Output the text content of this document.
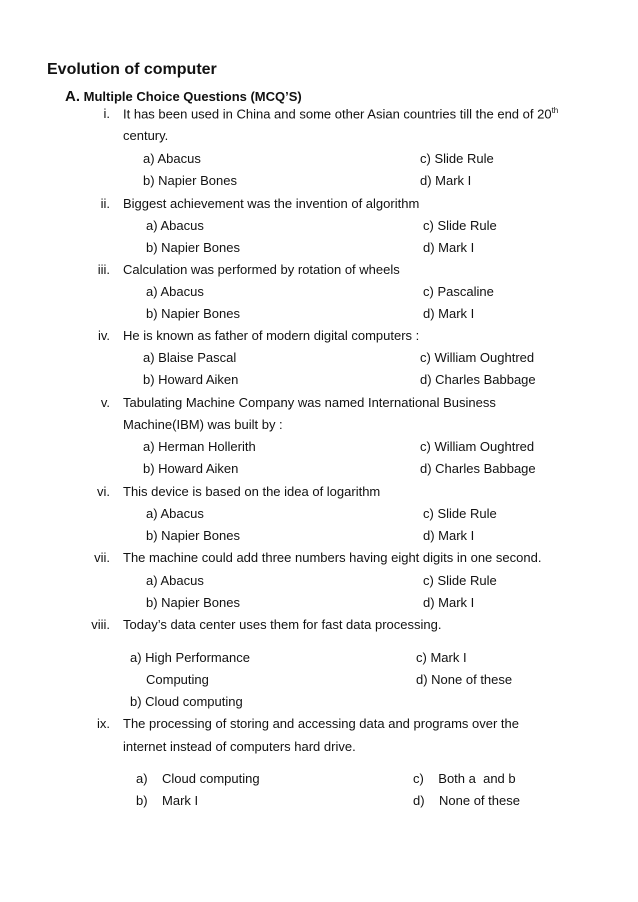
Evolution of computer
A. Multiple Choice Questions (MCQ’S)
i. It has been used in China and some other Asian countries till the end of 20th
century.
a) Abacus
b) Napier Bones
c) Slide Rule
d) Mark I
ii. Biggest achievement was the invention of algorithm
a) Abacus
b) Napier Bones
c) Slide Rule
d) Mark I
iii. Calculation was performed by rotation of wheels
a) Abacus
b) Napier Bones
c) Pascaline
d) Mark I
iv. He is known as father of modern digital computers :
a) Blaise Pascal
b) Howard Aiken
c) William Oughtred
d) Charles Babbage
v. Tabulating Machine Company was named International Business
Machine(IBM) was built by :
a) Herman Hollerith
b) Howard Aiken
c) William Oughtred
d) Charles Babbage
vi. This device is based on the idea of logarithm
a) Abacus
b) Napier Bones
c) Slide Rule
d) Mark I
vii. The machine could add three numbers having eight digits in one second.
a) Abacus
b) Napier Bones
c) Slide Rule
d) Mark I
viii. Today’s data center uses them for fast data processing.
a) High Performance
Computing
b) Cloud computing
c) Mark I
d) None of these
ix. The processing of storing and accessing data and programs over the
internet instead of computers hard drive.
a)    Cloud computing
b)    Mark I
c)    Both a  and b
d)    None of these
